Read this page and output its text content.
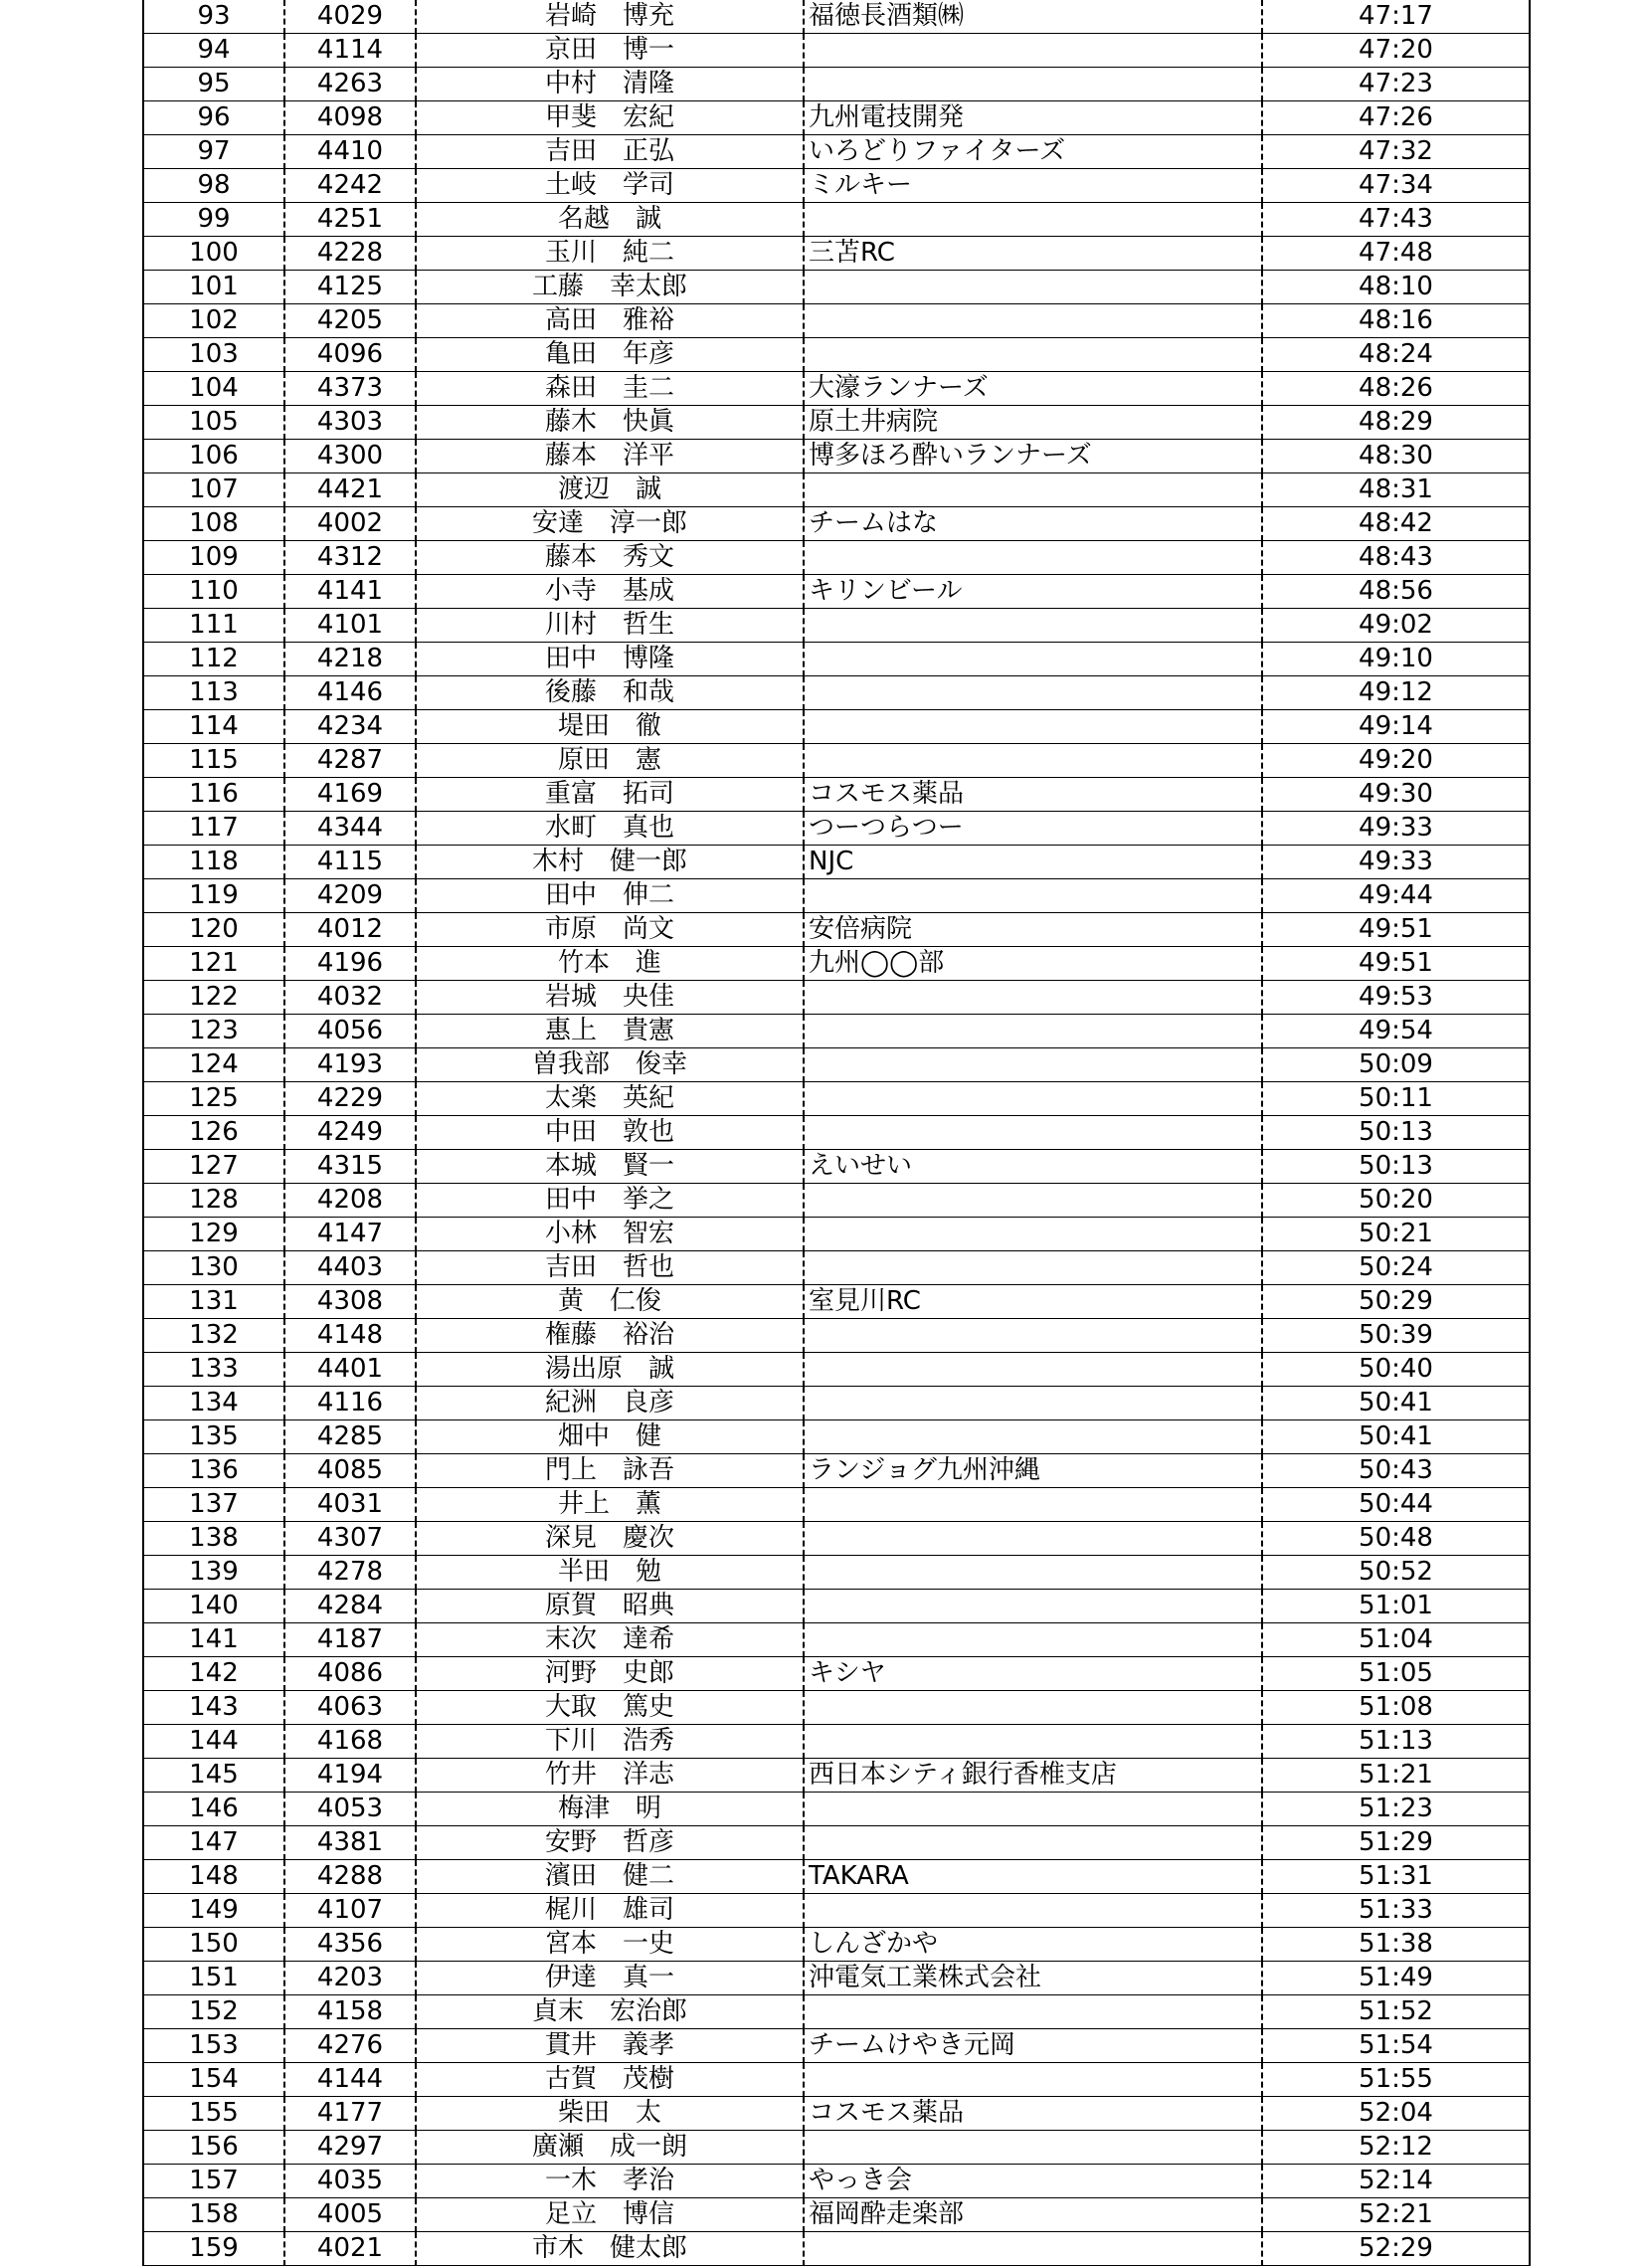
93	4029	岩崎　博充	福徳長酒類㈱	47:17
94	4114	京田　博一		47:20
95	4263	中村　清隆		47:23
96	4098	甲斐　宏紀	九州電技開発	47:26
97	4410	吉田　正弘	いろどりファイターズ	47:32
98	4242	土岐　学司	ミルキー	47:34
99	4251	名越　誠		47:43
100	4228	玉川　純二	三苫RC	47:48
101	4125	工藤　幸太郎		48:10
102	4205	高田　雅裕		48:16
103	4096	亀田　年彦		48:24
104	4373	森田　圭二	大濠ランナーズ	48:26
105	4303	藤木　快眞	原土井病院	48:29
106	4300	藤本　洋平	博多ほろ酔いランナーズ	48:30
107	4421	渡辺　誠		48:31
108	4002	安達　淳一郎	チームはな	48:42
109	4312	藤本　秀文		48:43
110	4141	小寺　基成	キリンビール	48:56
111	4101	川村　哲生		49:02
112	4218	田中　博隆		49:10
113	4146	後藤　和哉		49:12
114	4234	堤田　徹		49:14
115	4287	原田　憲		49:20
116	4169	重富　拓司	コスモス薬品	49:30
117	4344	水町　真也	つーつらつー	49:33
118	4115	木村　健一郎	NJC	49:33
119	4209	田中　伸二		49:44
120	4012	市原　尚文	安倍病院	49:51
121	4196	竹本　進	九州◯◯部	49:51
122	4032	岩城　央佳		49:53
123	4056	惠上　貴憲		49:54
124	4193	曽我部　俊幸		50:09
125	4229	太楽　英紀		50:11
126	4249	中田　敦也		50:13
127	4315	本城　賢一	えいせい	50:13
128	4208	田中　挙之		50:20
129	4147	小林　智宏		50:21
130	4403	吉田　哲也		50:24
131	4308	黄　仁俊	室見川RC	50:29
132	4148	権藤　裕治		50:39
133	4401	湯出原　誠		50:40
134	4116	紀洲　良彦		50:41
135	4285	畑中　健		50:41
136	4085	門上　詠吾	ランジョグ九州沖縄	50:43
137	4031	井上　薫		50:44
138	4307	深見　慶次		50:48
139	4278	半田　勉		50:52
140	4284	原賀　昭典		51:01
141	4187	末次　達希		51:04
142	4086	河野　史郎	キシヤ	51:05
143	4063	大取　篤史		51:08
144	4168	下川　浩秀		51:13
145	4194	竹井　洋志	西日本シティ銀行香椎支店	51:21
146	4053	梅津　明		51:23
147	4381	安野　哲彦		51:29
148	4288	濱田　健二	TAKARA	51:31
149	4107	梶川　雄司		51:33
150	4356	宮本　一史	しんざかや	51:38
151	4203	伊達　真一	沖電気工業株式会社	51:49
152	4158	貞末　宏治郎		51:52
153	4276	貫井　義孝	チームけやき元岡	51:54
154	4144	古賀　茂樹		51:55
155	4177	柴田　太	コスモス薬品	52:04
156	4297	廣瀬　成一朗		52:12
157	4035	一木　孝治	やっき会	52:14
158	4005	足立　博信	福岡酔走楽部	52:21
159	4021	市木　健太郎		52:29
